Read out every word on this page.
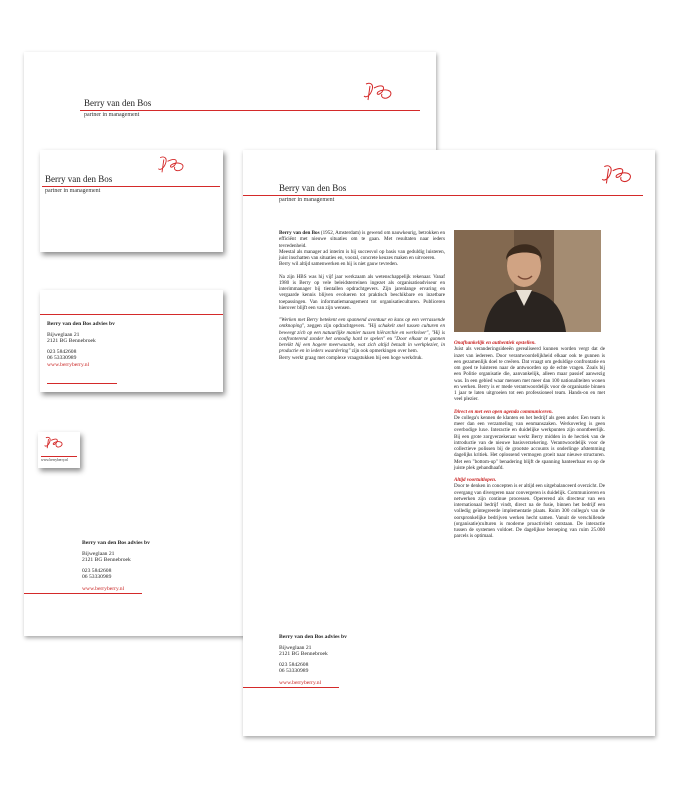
Berry van den Bos
partner in management
Berry van den Bos advies bv
Bijweglaan 21
2121 BG Bennebroek
023 5842608
06 53330989
www.berryberry.nl
Berry van den Bos
partner in management
Berry van den Bos advies bv
Bijweglaan 21
2121 BG Bennebroek
023 5842608
06 53330989
www.berryberry.nl
www.berryberry.nl
Berry van den Bos
partner in management

Berry van den Bos (1952, Amsterdam) is gewend om nauwkeurig, betrokken en efficiënt met nieuwe situaties om te gaan. Met resultaten naar ieders tevredenheid.
Meestal als manager ad interim is hij succesvol op basis van geduldig luisteren, juist inschatten van situaties en, vooral, concrete keuzes maken en uitvoeren.
Berry wil altijd samenwerken en hij is niet gauw tevreden.

Na zijn HBS was hij vijf jaar werkzaam als wetenschappelijk rekenaar. Vanaf 1980 is Berry op vele beleidsterreinen ingezet als organisatieadviseur en interimmanager bij tientallen opdrachtgevers. Zijn jarenlange ervaring en vergaarde kennis blijven evolueren tot praktisch beschikbare en inzetbare toepassingen. Van informatiemanagement tot organisatieculturen. Publiceren hierover blijft een van zijn wensen.

"Werken met Berry betekent een spannend avontuur en kans op een verrassende ontknoping", zeggen zijn opdrachtgevers. "Hij schakelt snel tussen culturen en beweegt zich op een natuurlijke manier tussen hiërarchie en werkvloer", "Hij is confronterend zonder het onnodig hard te spelen" en "Door elkaar te gunnen bereikt hij een hogere meerwaarde, wat zich altijd betaalt in werkplezier, in productie en in ieders waardering" zijn ook opmerkingen over hem.
Berry werkt graag met complexe vraagstukken bij een hoge werkdruk.

Onafhankelijk en authentiek opstellen.
Juist als veranderingsideeën gerealiseerd kunnen worden vergt dat de inzet van iedereen. Door verantwoordelijkheid elkaar ook te gunnen is een gezamenlijk doel te creëren. Dat vraagt om geduldige confrontatie en om goed te luisteren naar de antwoorden op de echte vragen. Zoals bij een Politie organisatie die, aanvankelijk, alleen maar passief aanwezig was. In een gebied waar mensen met meer dan 100 nationaliteiten wonen en werken. Berry is er mede verantwoordelijk voor de organisatie binnen 1 jaar te laten uitgroeien tot een professioneel team. Hands-on en met veel plezier.

Direct en met een open agenda communiceren.
De collega's kennen de klanten en het bedrijf als geen ander. Een team is meer dan een verzameling van eenmanszaken. Werkoverleg is geen overbodige luxe. Interactie en duidelijke werkpunten zijn onontbeerlijk. Bij een grote zorgverzekeraar werkt Berry midden in de hectiek van de introductie van de nieuwe basisverzekering. Verantwoordelijk voor de collectieve polissen bij de grootste accounts is onderlinge afstemming dagelijks kritiek. Het oplossend vermogen groeit naar nieuwe structuren. Met een "bottom-up" benadering blijft de spanning hanteerbaar en op de juiste plek gehandhaafd.

Altijd voortuitlopen.
Door te denken in concepten is er altijd een uitgebalanceerd overzicht. De overgang van divergeren naar convergeren is duidelijk. Communiceren en netwerken zijn continue processen. Opererend als directeur van een internationaal bedrijf vindt, direct na de fusie, binnen het bedrijf een volledig geïntegreerde implementatie plaats. Ruim 300 collega's van de oorspronkelijke bedrijven werken hecht samen. Vanuit de verschillende (organisatie)culturen is moderne proactiviteit ontstaan. De interactie tussen de systemen voldoet. De dagelijkse beroeping van ruim 25.000 parcels is optimaal.

Berry van den Bos advies bv
Bijweglaan 21
2121 BG Bennebroek
023 5842608
06 53330989
www.berryberry.nl
